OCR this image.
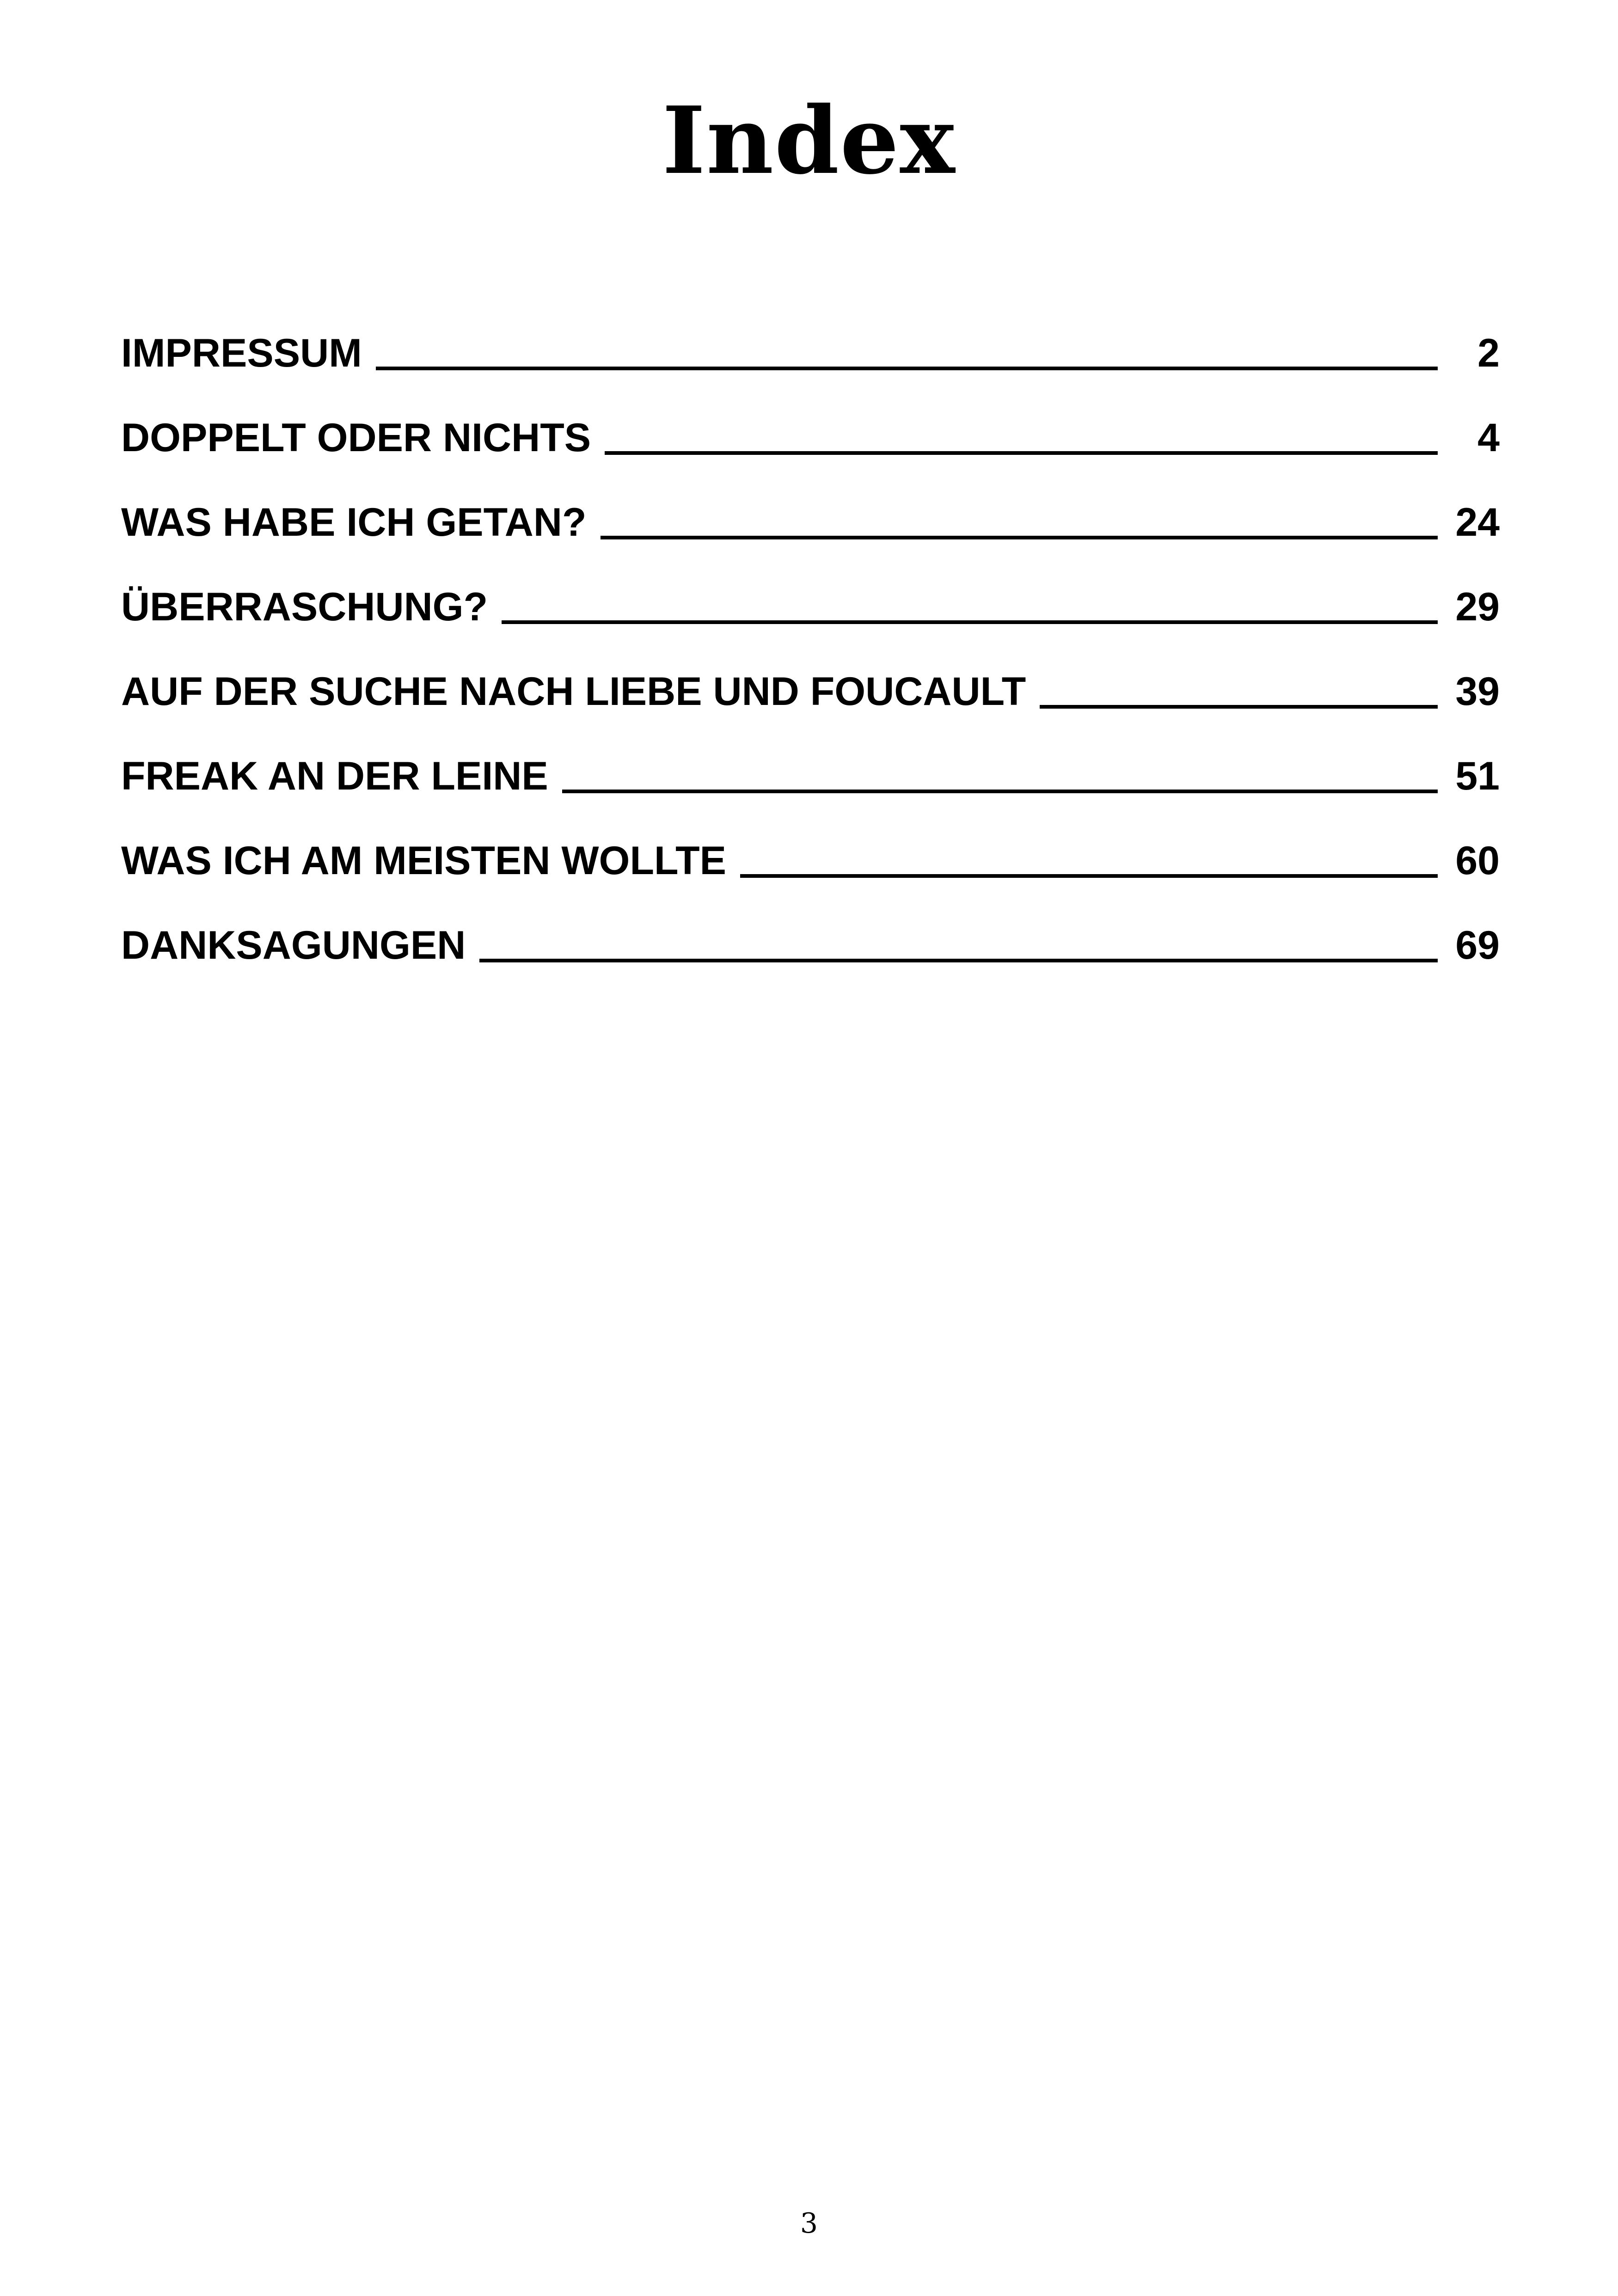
Index
IMPRESSUM	2
DOPPELT ODER NICHTS	4
WAS HABE ICH GETAN?	24
ÜBERRASCHUNG?	29
AUF DER SUCHE NACH LIEBE UND FOUCAULT	39
FREAK AN DER LEINE	51
WAS ICH AM MEISTEN WOLLTE	60
DANKSAGUNGEN	69
3
